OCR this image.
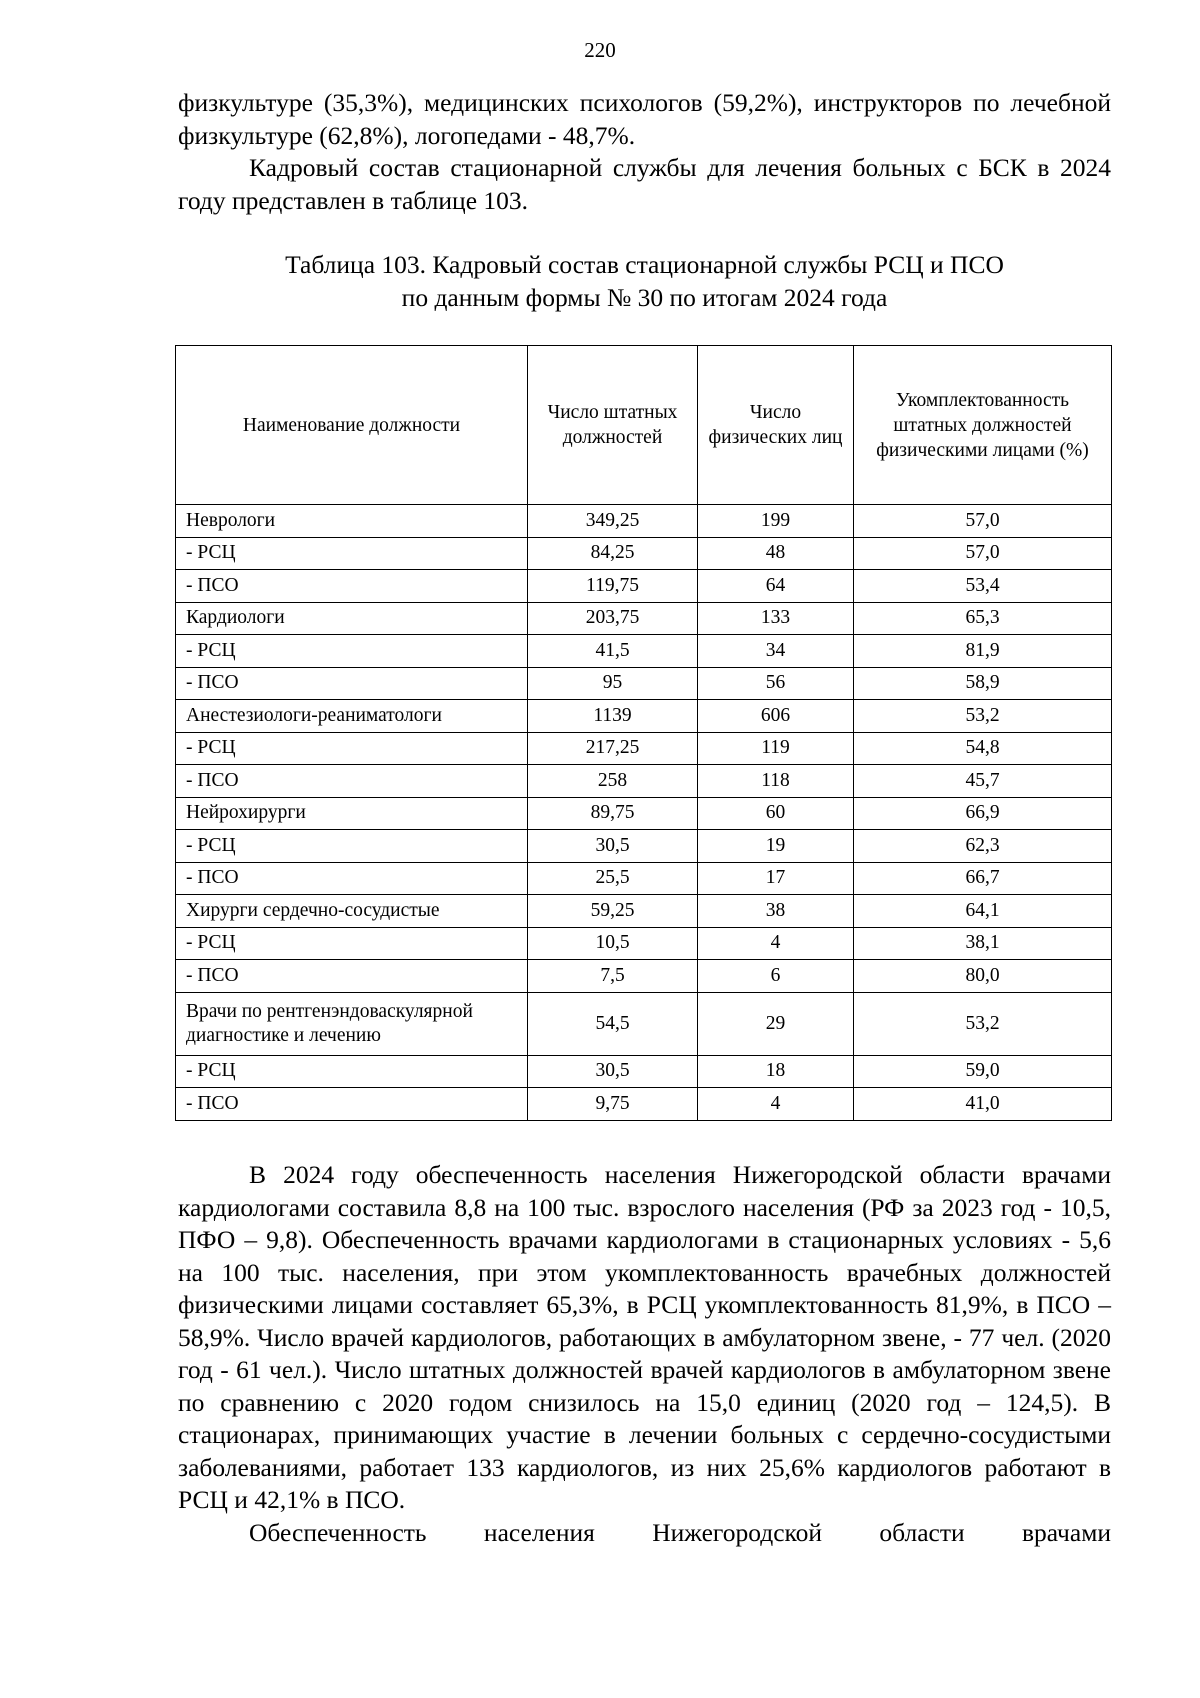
220

физкультуре (35,3%), медицинских психологов (59,2%), инструкторов по лечебной физкультуре (62,8%), логопедами - 48,7%.

Кадровый состав стационарной службы для лечения больных с БСК в 2024 году представлен в таблице 103.

Таблица 103. Кадровый состав стационарной службы РСЦ и ПСО
по данным формы № 30 по итогам 2024 года
Наименование должности	Число штатных должностей	Число физических лиц	Укомплектованность штатных должностей физическими лицами (%)
Неврологи	349,25	199	57,0
- РСЦ	84,25	48	57,0
- ПСО	119,75	64	53,4
Кардиологи	203,75	133	65,3
- РСЦ	41,5	34	81,9
- ПСО	95	56	58,9
Анестезиологи-реаниматологи	1139	606	53,2
- РСЦ	217,25	119	54,8
- ПСО	258	118	45,7
Нейрохирурги	89,75	60	66,9
- РСЦ	30,5	19	62,3
- ПСО	25,5	17	66,7
Хирурги сердечно-сосудистые	59,25	38	64,1
- РСЦ	10,5	4	38,1
- ПСО	7,5	6	80,0
Врачи по рентгенэндоваскулярной диагностике и лечению	54,5	29	53,2
- РСЦ	30,5	18	59,0
- ПСО	9,75	4	41,0

В 2024 году обеспеченность населения Нижегородской области врачами кардиологами составила 8,8 на 100 тыс. взрослого населения (РФ за 2023 год - 10,5, ПФО – 9,8). Обеспеченность врачами кардиологами в стационарных условиях - 5,6 на 100 тыс. населения, при этом укомплектованность врачебных должностей физическими лицами составляет 65,3%, в РСЦ укомплектованность 81,9%, в ПСО – 58,9%. Число врачей кардиологов, работающих в амбулаторном звене, - 77 чел. (2020 год - 61 чел.). Число штатных должностей врачей кардиологов в амбулаторном звене по сравнению с 2020 годом снизилось на 15,0 единиц (2020 год – 124,5). В стационарах, принимающих участие в лечении больных с сердечно-сосудистыми заболеваниями, работает 133 кардиологов, из них 25,6% кардиологов работают в РСЦ и 42,1% в ПСО.

Обеспеченность населения Нижегородской области врачами
